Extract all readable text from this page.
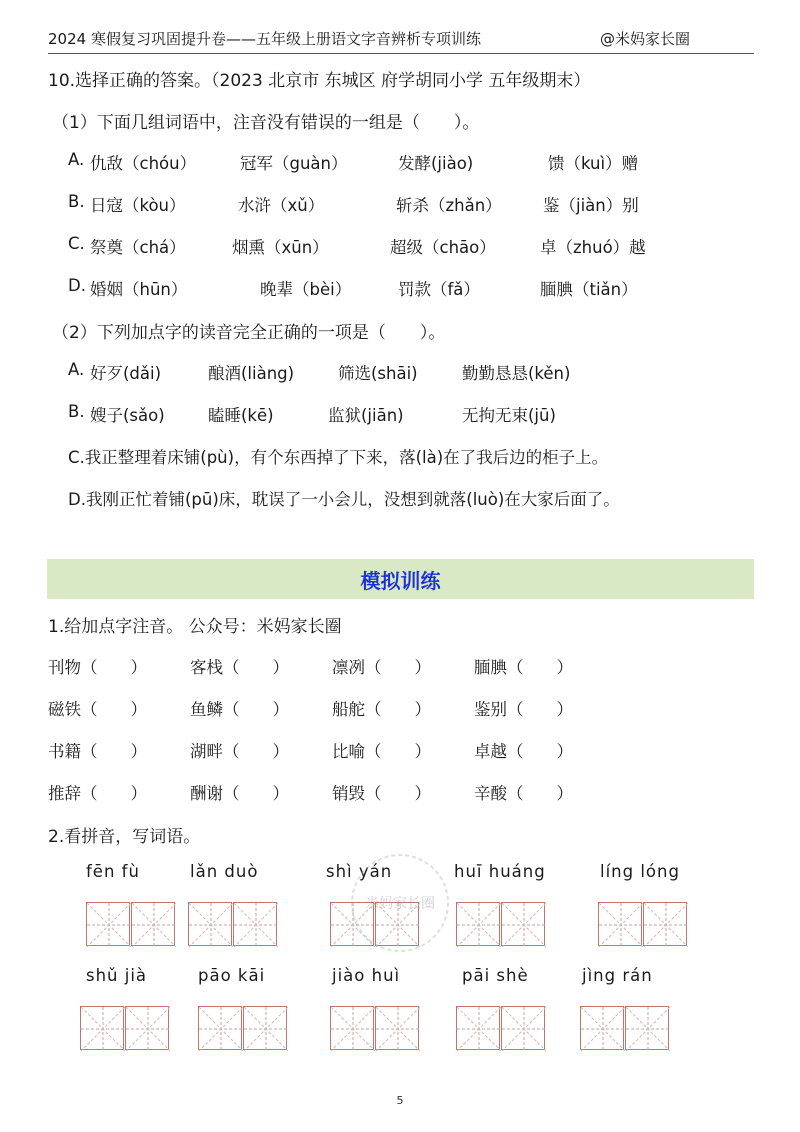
2024 寒假复习巩固提升卷——五年级上册语文字音辨析专项训练	@米妈家长圈
10.选择正确的答案。（2023 北京市 东城区 府学胡同小学 五年级期末）
（1）下面几组词语中，注音没有错误的一组是（　　）。
A. 仇敌（chóu）	冠军（guàn）	发酵(jiào)	馈（kuì）赠
B. 日寇（kòu）	水浒（xǔ）	斩杀（zhǎn）	鉴（jiàn）别
C. 祭奠（chá）	烟熏（xūn）	超级（chāo）	卓（zhuó）越
D. 婚姻（hūn）	晚辈（bèi）	罚款（fǎ）	腼腆（tiǎn）
（2）下列加点字的读音完全正确的一项是（　　）。
A. 好歹(dǎi)	酿酒(liàng)	筛选(shāi)	勤勤恳恳(kěn)
B. 嫂子(sǎo)	瞌睡(kē)	监狱(jiān)	无拘无束(jū)
C.我正整理着床铺(pù)，有个东西掉了下来，落(là)在了我后边的柜子上。
D.我刚正忙着铺(pū)床，耽误了一小会儿，没想到就落(luò)在大家后面了。
模拟训练
1.给加点字注音。 公众号：米妈家长圈
刊物（　　）	客栈（　　）	凛冽（　　）	腼腆（　　）
磁铁（　　）	鱼鳞（　　）	船舵（　　）	鉴别（　　）
书籍（　　）	湖畔（　　）	比喻（　　）	卓越（　　）
推辞（　　）	酬谢（　　）	销毁（　　）	辛酸（　　）
2.看拼音，写词语。
fēn fù	lǎn duò	shì yán	huī huáng	líng lóng
shǔ jià	pāo kāi	jiào huì	pāi shè	jìng rán
米妈家长圈
5
